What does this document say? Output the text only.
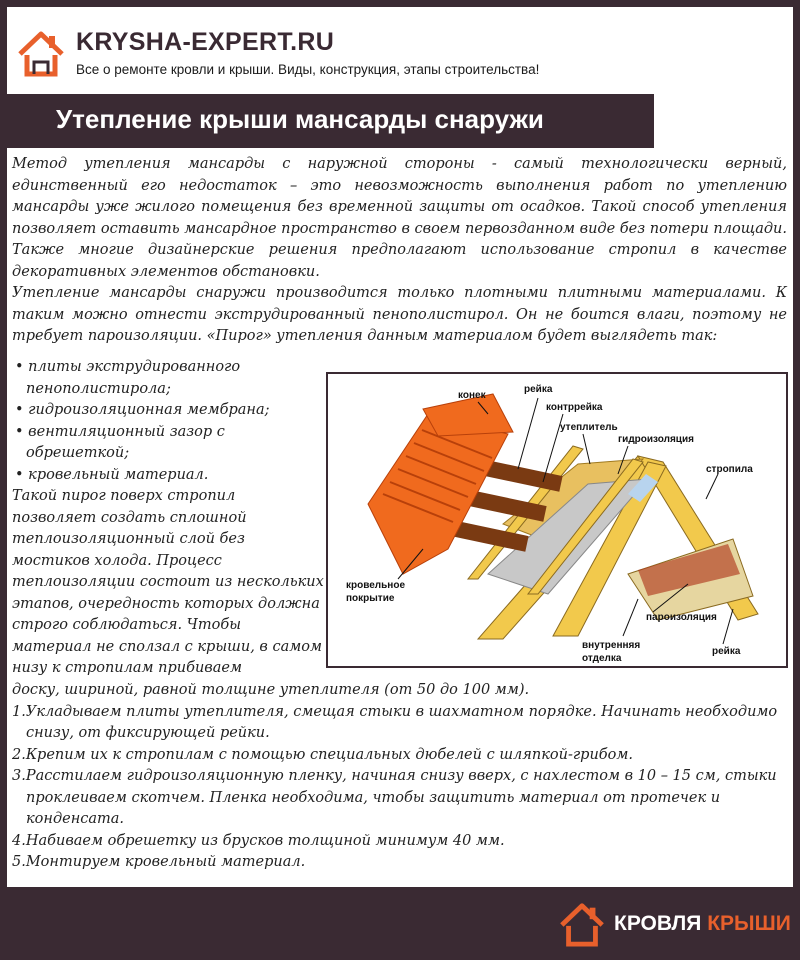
KRYSHA-EXPERT.RU
Все о ремонте кровли и крыши. Виды, конструкция, этапы строительства!
Утепление крыши мансарды снаружи

Метод утепления мансарды с наружной стороны - самый технологически верный, единственный его недостаток – это невозможность выполнения работ по утеплению мансарды уже жилого помещения без временной защиты от осадков. Такой способ утепления позволяет оставить мансардное пространство в своем первозданном виде без потери площади. Также многие дизайнерские решения предполагают использование стропил в качестве декоративных элементов обстановки.

Утепление мансарды снаружи производится только плотными плитными материалами. К таким можно отнести экструдированный пенополистирол. Он не боится влаги, поэтому не требует пароизоляции. «Пирог» утепления данным материалом будет выглядеть так:

• плиты экструдированного пенополистирола;
• гидроизоляционная мембрана;
• вентиляционный зазор с обрешеткой;
• кровельный материал.

Такой пирог поверх стропил позволяет создать сплошной теплоизоляционный слой без мостиков холода. Процесс теплоизоляции состоит из нескольких этапов, очередность которых должна строго соблюдаться. Чтобы материал не сползал с крыши, в самом низу к стропилам прибиваем

конек
рейка
контррейка
утеплитель
гидроизоляция
стропила
кровельное
покрытие
пароизоляция
внутренняя
отделка
рейка

доску, шириной, равной толщине утеплителя (от 50 до 100 мм).

1.Укладываем плиты утеплителя, смещая стыки в шахматном порядке. Начинать необходимо снизу, от фиксирующей рейки.
2.Крепим их к стропилам с помощью специальных дюбелей с шляпкой-грибом.
3.Расстилаем гидроизоляционную пленку, начиная снизу вверх, с нахлестом в 10 – 15 см, стыки проклеиваем скотчем. Пленка необходима, чтобы защитить материал от протечек и конденсата.
4.Набиваем обрешетку из брусков толщиной минимум 40 мм.
5.Монтируем кровельный материал.
КРОВЛЯ КРЫШИ
